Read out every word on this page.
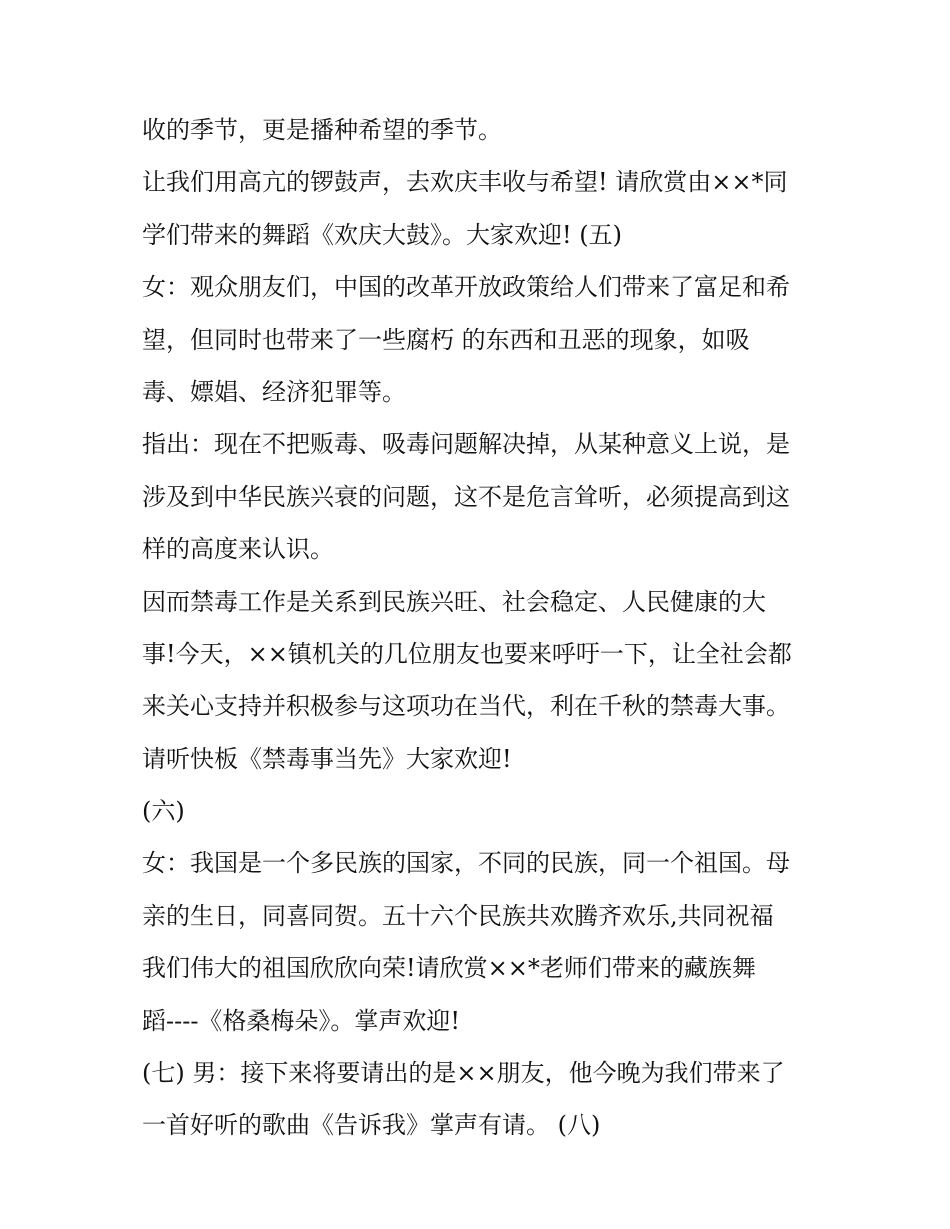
收的季节，更是播种希望的季节。
让我们用高亢的锣鼓声，去欢庆丰收与希望! 请欣赏由××*同
学们带来的舞蹈《欢庆大鼓》。大家欢迎! (五)
女：观众朋友们，中国的改革开放政策给人们带来了富足和希
望，但同时也带来了一些腐朽 的东西和丑恶的现象，如吸
毒、嫖娼、经济犯罪等。
指出：现在不把贩毒、吸毒问题解决掉，从某种意义上说，是
涉及到中华民族兴衰的问题，这不是危言耸听，必须提高到这
样的高度来认识。
因而禁毒工作是关系到民族兴旺、社会稳定、人民健康的大
事!今天，××镇机关的几位朋友也要来呼吁一下，让全社会都
来关心支持并积极参与这项功在当代，利在千秋的禁毒大事。
请听快板《禁毒事当先》大家欢迎!
(六)
女：我国是一个多民族的国家，不同的民族，同一个祖国。母
亲的生日，同喜同贺。五十六个民族共欢腾齐欢乐,共同祝福
我们伟大的祖国欣欣向荣!请欣赏××*老师们带来的藏族舞
蹈----《格桑梅朵》。掌声欢迎!
(七) 男：接下来将要请出的是××朋友，他今晚为我们带来了
一首好听的歌曲《告诉我》掌声有请。 (八)
